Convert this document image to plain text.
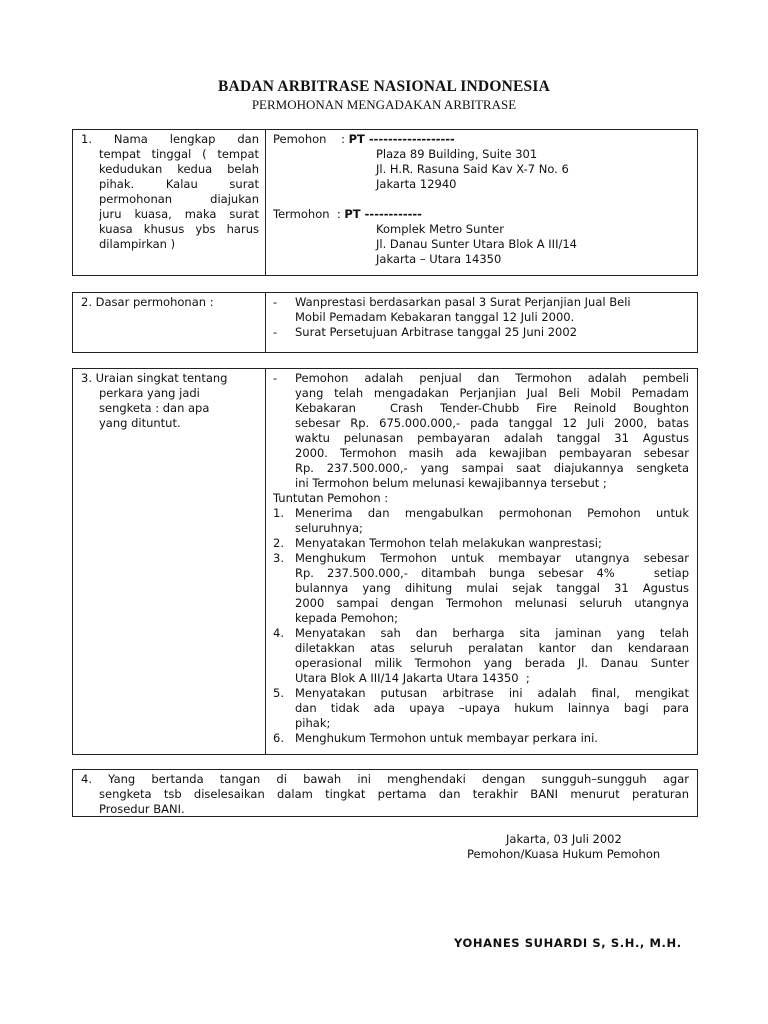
BADAN ARBITRASE NASIONAL INDONESIA
PERMOHONAN MENGADAKAN ARBITRASE
1.   Nama   lengkap   dan
tempat tinggal ( tempat
kedudukan kedua belah
pihak.    Kalau    surat
permohonan     diajukan
juru kuasa, maka surat
kuasa khusus ybs harus
dilampirkan )
Pemohon    : PT ------------------
Plaza 89 Building, Suite 301
Jl. H.R. Rasuna Said Kav X-7 No. 6
Jakarta 12940
Termohon  : PT ------------
Komplek Metro Sunter
Jl. Danau Sunter Utara Blok A III/14
Jakarta – Utara 14350
2. Dasar permohonan :	- Wanprestasi berdasarkan pasal 3 Surat Perjanjian Jual Beli
Mobil Pemadam Kebakaran tanggal 12 Juli 2000.
- Surat Persetujuan Arbitrase tanggal 25 Juni 2002
3. Uraian singkat tentang
perkara yang jadi
sengketa : dan apa
yang dituntut.
- Pemohon adalah penjual dan Termohon adalah pembeli
yang telah mengadakan Perjanjian Jual Beli Mobil Pemadam
Kebakaran    Crash  Tender-Chubb  Fire  Reinold  Boughton
sebesar Rp. 675.000.000,- pada tanggal 12 Juli 2000, batas
waktu pelunasan pembayaran adalah tanggal 31 Agustus
2000. Termohon masih ada kewajiban pembayaran sebesar
Rp. 237.500.000,- yang sampai saat diajukannya sengketa
ini Termohon belum melunasi kewajibannya tersebut ;
Tuntutan Pemohon :
1. Menerima dan mengabulkan permohonan Pemohon untuk
seluruhnya;
2. Menyatakan Termohon telah melakukan wanprestasi;
3. Menghukum Termohon untuk membayar utangnya sebesar
Rp. 237.500.000,- ditambah bunga sebesar 4%   setiap
bulannya yang dihitung mulai sejak tanggal 31 Agustus
2000 sampai dengan Termohon melunasi seluruh utangnya
kepada Pemohon;
4. Menyatakan sah dan berharga sita jaminan yang telah
diletakkan atas seluruh peralatan kantor dan kendaraan
operasional milik Termohon yang berada Jl. Danau Sunter
Utara Blok A III/14 Jakarta Utara 14350  ;
5. Menyatakan putusan arbitrase ini adalah final, mengikat
dan tidak ada upaya –upaya hukum lainnya bagi para
pihak;
6. Menghukum Termohon untuk membayar perkara ini.
4.  Yang  bertanda  tangan  di  bawah  ini  menghendaki  dengan  sungguh–sungguh  agar
sengketa tsb diselesaikan dalam tingkat pertama dan terakhir BANI menurut peraturan
Prosedur BANI.
Jakarta, 03 Juli 2002
Pemohon/Kuasa Hukum Pemohon
YOHANES SUHARDI S, S.H., M.H.
